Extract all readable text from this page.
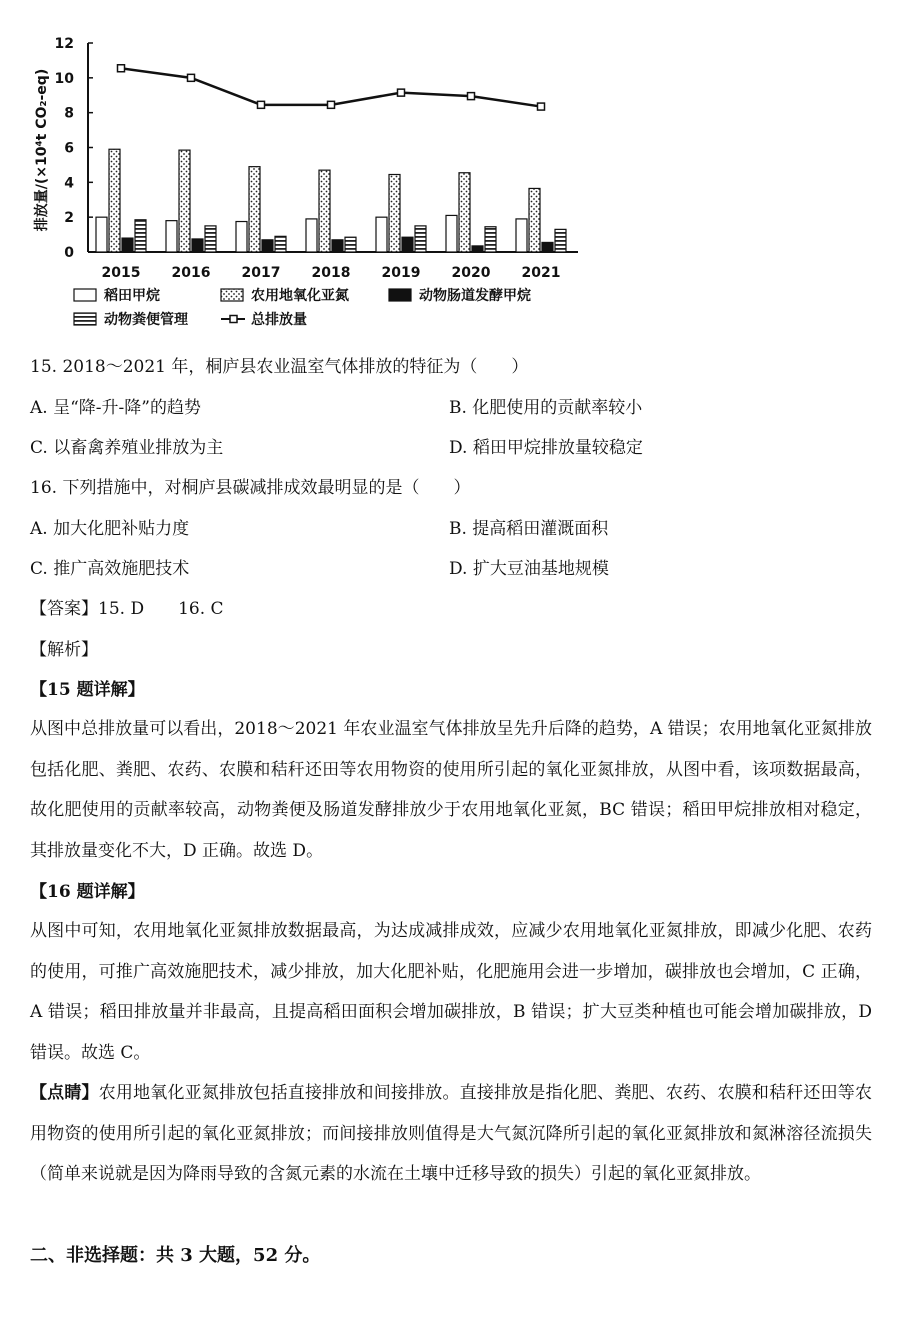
0
2
4
6
8
10
12
2015 2016 2017 2018 2019 2020 2021
排放量/(×10⁴t CO₂-eq)
稻田甲烷	农用地氧化亚氮	动物肠道发酵甲烷
动物粪便管理	总排放量
15. 2018～2021 年，桐庐县农业温室气体排放的特征为（　　）
A. 呈“降-升-降”的趋势	B. 化肥使用的贡献率较小
C. 以畜禽养殖业排放为主	D. 稻田甲烷排放量较稳定
16. 下列措施中，对桐庐县碳减排成效最明显的是（　　）
A. 加大化肥补贴力度	B. 提高稻田灌溉面积
C. 推广高效施肥技术	D. 扩大豆油基地规模
【答案】15. D　　16. C
【解析】
【15 题详解】
从图中总排放量可以看出，2018～2021 年农业温室气体排放呈先升后降的趋势，A 错误；农用地氧化亚氮排放包括化肥、粪肥、农药、农膜和秸秆还田等农用物资的使用所引起的氧化亚氮排放，从图中看，该项数据最高，故化肥使用的贡献率较高，动物粪便及肠道发酵排放少于农用地氧化亚氮，BC 错误；稻田甲烷排放相对稳定，其排放量变化不大，D 正确。故选 D。
【16 题详解】
从图中可知，农用地氧化亚氮排放数据最高，为达成减排成效，应减少农用地氧化亚氮排放，即减少化肥、农药的使用，可推广高效施肥技术，减少排放，加大化肥补贴，化肥施用会进一步增加，碳排放也会增加，C 正确，A 错误；稻田排放量并非最高，且提高稻田面积会增加碳排放，B 错误；扩大豆类种植也可能会增加碳排放，D 错误。故选 C。
【点睛】农用地氧化亚氮排放包括直接排放和间接排放。直接排放是指化肥、粪肥、农药、农膜和秸秆还田等农用物资的使用所引起的氧化亚氮排放；而间接排放则值得是大气氮沉降所引起的氧化亚氮排放和氮淋溶径流损失（简单来说就是因为降雨导致的含氮元素的水流在土壤中迁移导致的损失）引起的氧化亚氮排放。
二、非选择题：共 3 大题，52 分。
